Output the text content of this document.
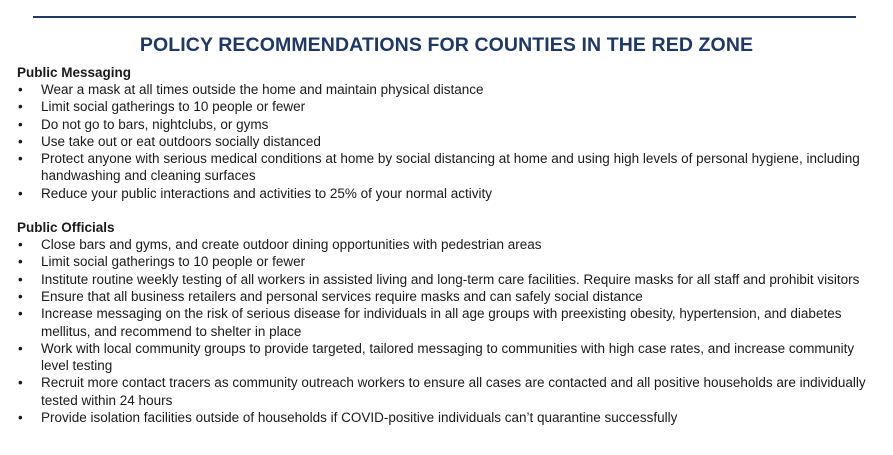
POLICY RECOMMENDATIONS FOR COUNTIES IN THE RED ZONE

Public Messaging

• Wear a mask at all times outside the home and maintain physical distance
• Limit social gatherings to 10 people or fewer
• Do not go to bars, nightclubs, or gyms
• Use take out or eat outdoors socially distanced
• Protect anyone with serious medical conditions at home by social distancing at home and using high levels of personal hygiene, including handwashing and cleaning surfaces
• Reduce your public interactions and activities to 25% of your normal activity

Public Officials

• Close bars and gyms, and create outdoor dining opportunities with pedestrian areas
• Limit social gatherings to 10 people or fewer
• Institute routine weekly testing of all workers in assisted living and long-term care facilities. Require masks for all staff and prohibit visitors
• Ensure that all business retailers and personal services require masks and can safely social distance
• Increase messaging on the risk of serious disease for individuals in all age groups with preexisting obesity, hypertension, and diabetes mellitus, and recommend to shelter in place
• Work with local community groups to provide targeted, tailored messaging to communities with high case rates, and increase community level testing
• Recruit more contact tracers as community outreach workers to ensure all cases are contacted and all positive households are individually tested within 24 hours
• Provide isolation facilities outside of households if COVID-positive individuals can’t quarantine successfully
